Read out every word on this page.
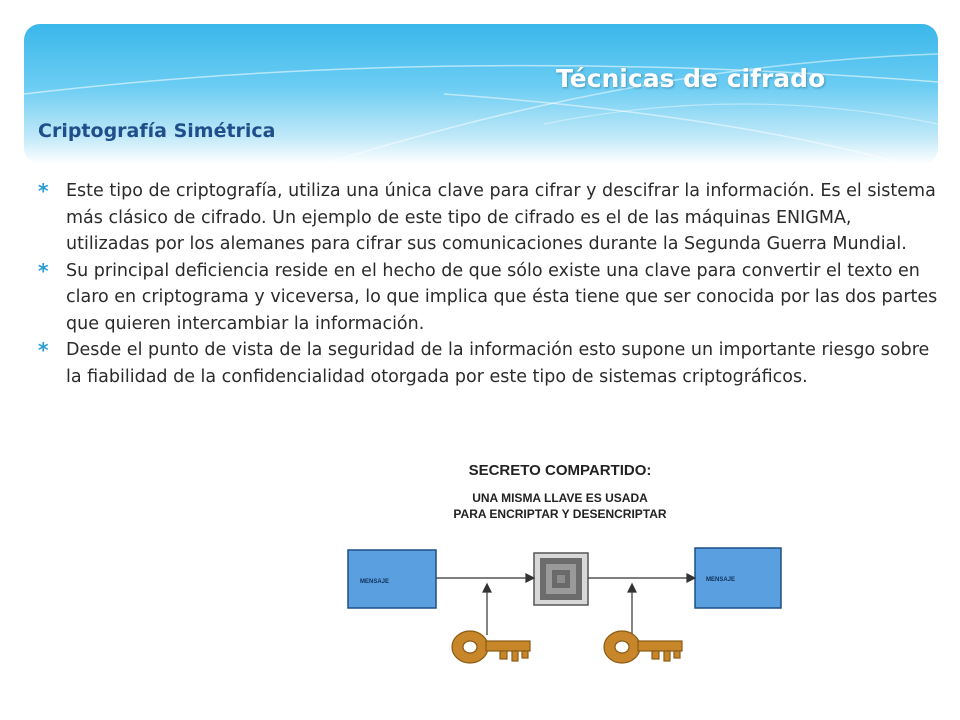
Técnicas de cifrado
Criptografía Simétrica
* Este tipo de criptografía, utiliza una única clave para cifrar y descifrar la información. Es el sistema más clásico de cifrado. Un ejemplo de este tipo de cifrado es el de las máquinas ENIGMA, utilizadas por los alemanes para cifrar sus comunicaciones durante la Segunda Guerra Mundial.
* Su principal deficiencia reside en el hecho de que sólo existe una clave para convertir el texto en claro en criptograma y viceversa, lo que implica que ésta tiene que ser conocida por las dos partes que quieren intercambiar la información.
* Desde el punto de vista de la seguridad de la información esto supone un importante riesgo sobre la fiabilidad de la confidencialidad otorgada por este tipo de sistemas criptográficos.
SECRETO COMPARTIDO:
UNA MISMA LLAVE ES USADA
PARA ENCRIPTAR Y DESENCRIPTAR
MENSAJE	MENSAJE
